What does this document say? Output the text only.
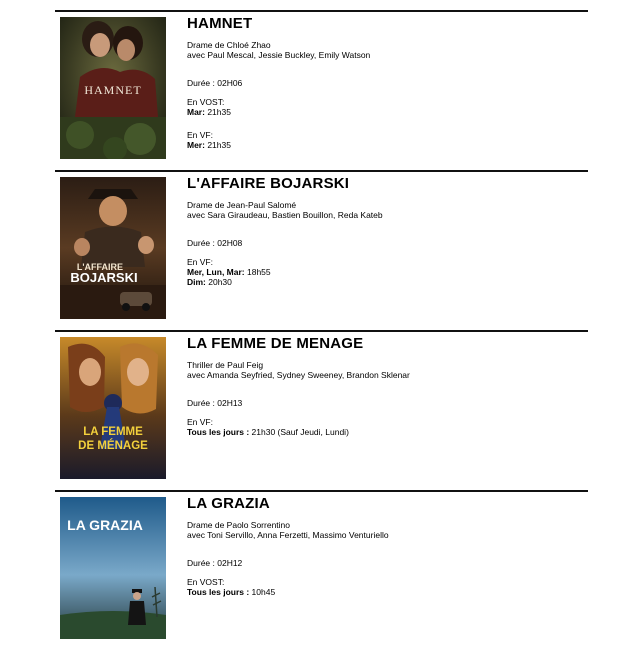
HAMNET
HAMNET
Drame de Chloé Zhao
avec Paul Mescal, Jessie Buckley, Emily Watson
Durée : 02H06
En VOST:
Mar: 21h35
En VF:
Mer: 21h35
L'AFFAIRE
BOJARSKI
L'AFFAIRE BOJARSKI
Drame de Jean-Paul Salomé
avec Sara Giraudeau, Bastien Bouillon, Reda Kateb
Durée : 02H08
En VF:
Mer, Lun, Mar: 18h55
Dim: 20h30
LA FEMME
DE MÉNAGE
LA FEMME DE MENAGE
Thriller de Paul Feig
avec Amanda Seyfried, Sydney Sweeney, Brandon Sklenar
Durée : 02H13
En VF:
Tous les jours : 21h30 (Sauf Jeudi, Lundi)
LA GRAZIA
LA GRAZIA
Drame de Paolo Sorrentino
avec Toni Servillo, Anna Ferzetti, Massimo Venturiello
Durée : 02H12
En VOST:
Tous les jours : 10h45
